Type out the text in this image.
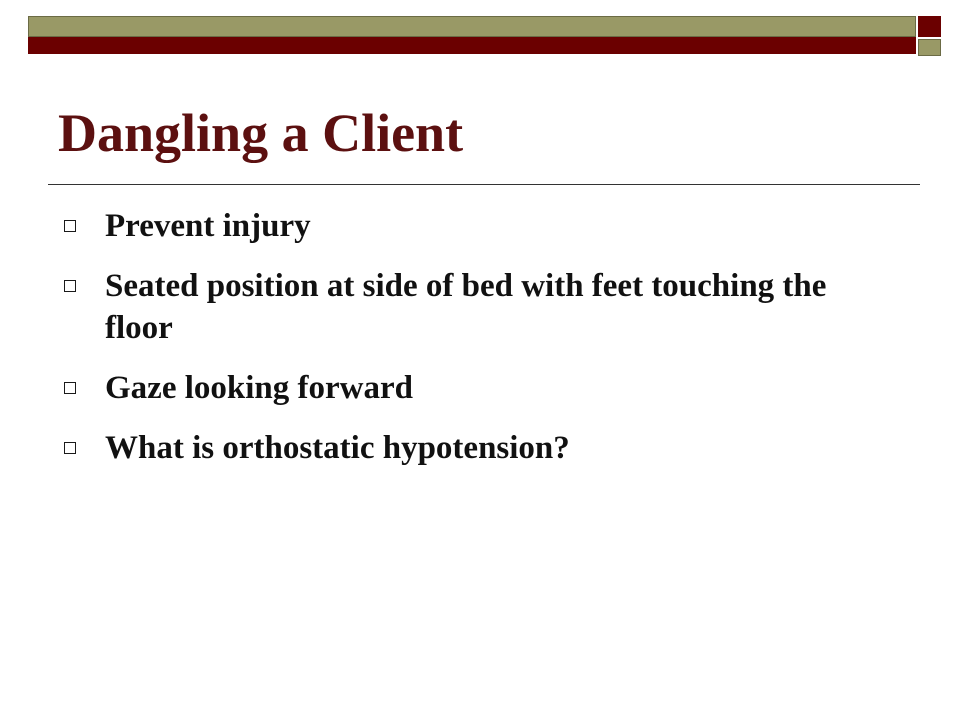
Dangling a Client
Prevent injury
Seated position at side of bed with feet touching the floor
Gaze looking forward
What is orthostatic hypotension?
